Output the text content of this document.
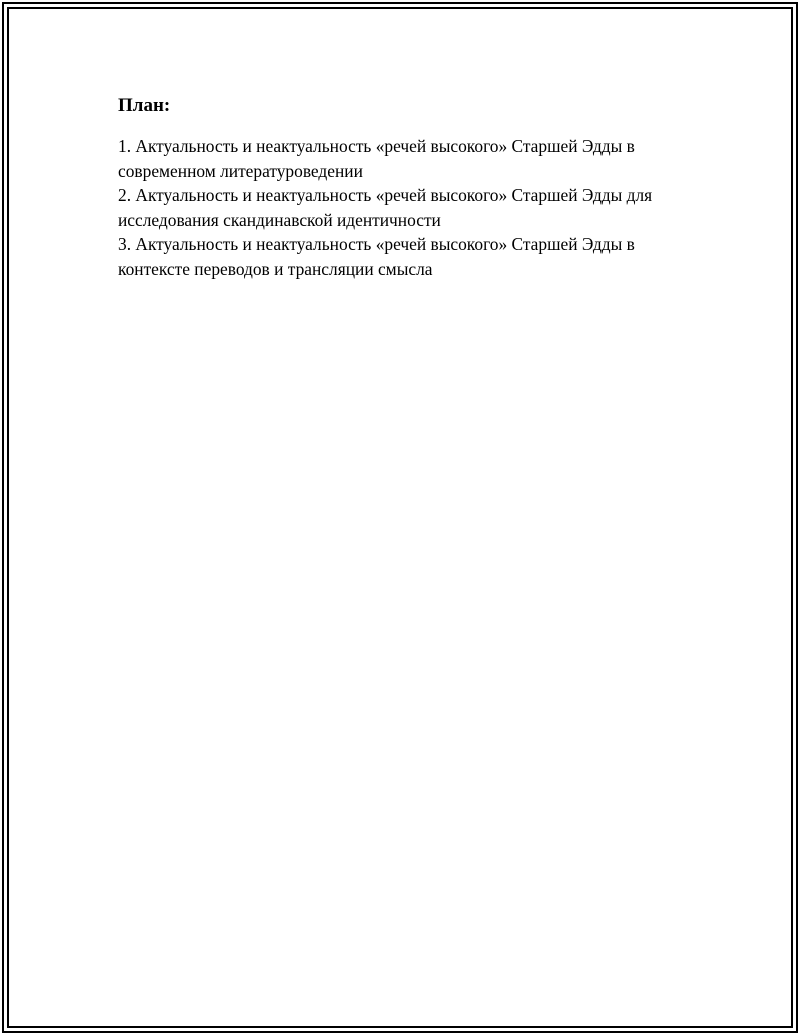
План:
1. Актуальность и неактуальность «речей высокого» Старшей Эдды в современном литературоведении
2. Актуальность и неактуальность «речей высокого» Старшей Эдды для исследования скандинавской идентичности
3. Актуальность и неактуальность «речей высокого» Старшей Эдды в контексте переводов и трансляции смысла
